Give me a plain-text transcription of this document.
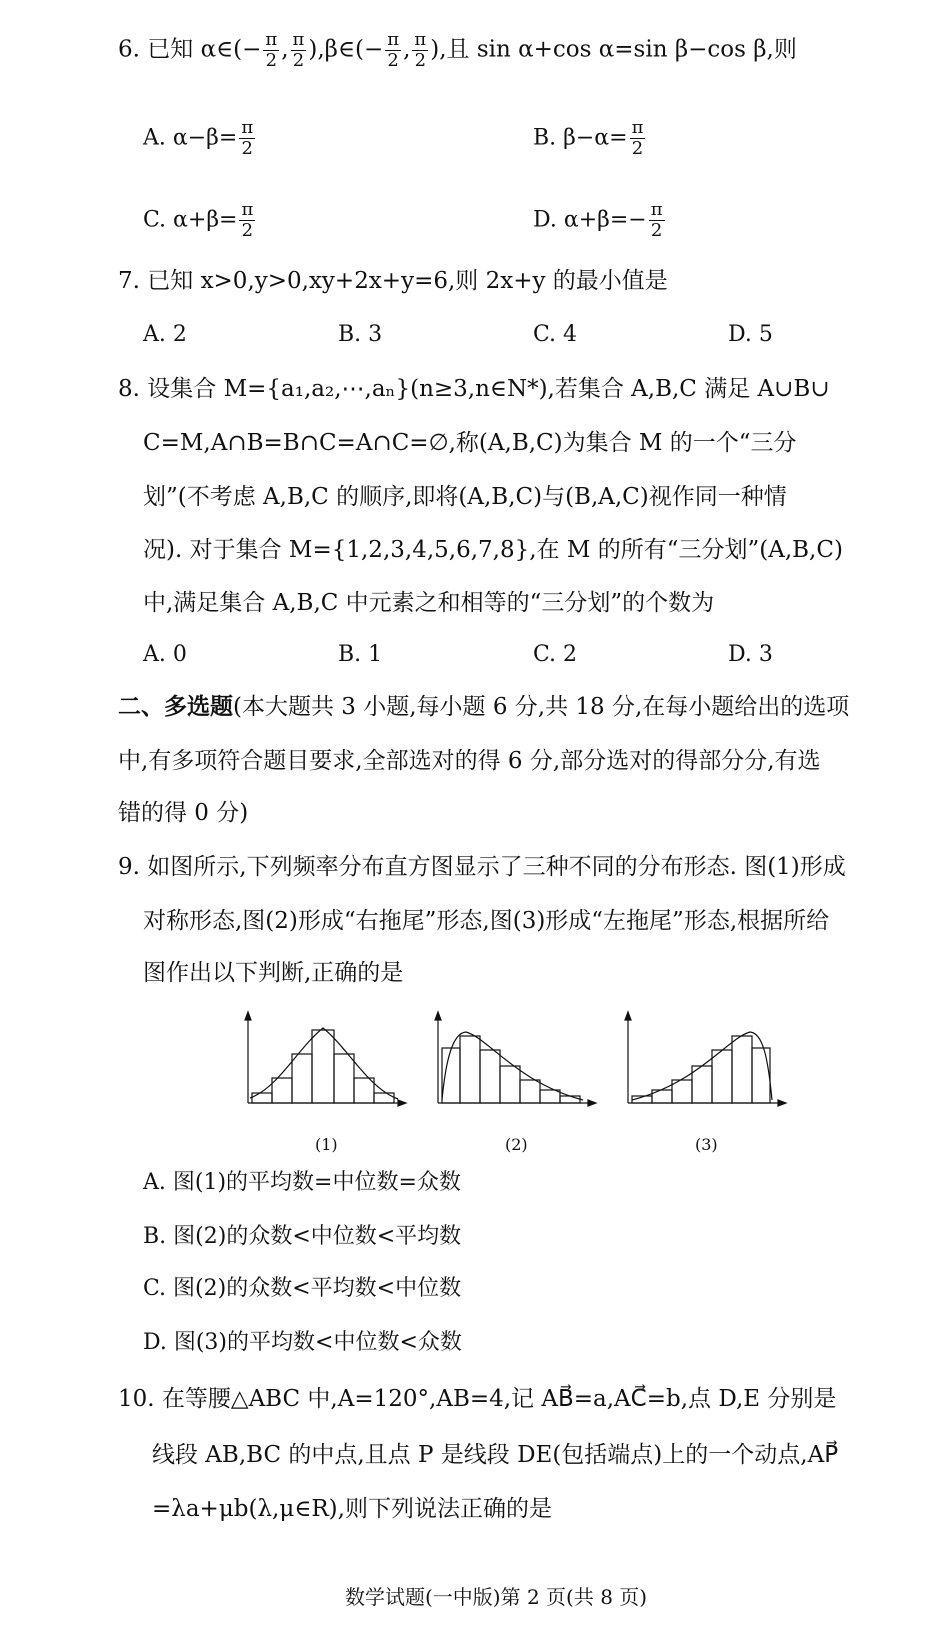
6. 已知 α∈(− $\frac{\pi}{2}$ , $\frac{\pi}{2}$ ),β∈(− $\frac{\pi}{2}$ , $\frac{\pi}{2}$ ),且 sin α+cos α=sin β−cos β,则
A. $\alpha-\beta= \frac{\pi}{2}$	B. $\beta-\alpha= \frac{\pi}{2}$
C. $\alpha+\beta= \frac{\pi}{2}$	D. $\alpha+\beta=- \frac{\pi}{2}$
7. 已知 x>0,y>0,xy+2x+y=6,则 2x+y 的最小值是
A. 2	B. 3	C. 4	D. 5
8. 设集合 M={a₁,a₂,⋯,aₙ}(n≥3,n∈N*),若集合 A,B,C 满足 A∪B∪
C=M,A∩B=B∩C=A∩C=∅,称(A,B,C)为集合 M 的一个“三分
划”(不考虑 A,B,C 的顺序,即将(A,B,C)与(B,A,C)视作同一种情
况). 对于集合 M={1,2,3,4,5,6,7,8},在 M 的所有“三分划”(A,B,C)
中,满足集合 A,B,C 中元素之和相等的“三分划”的个数为
A. 0	B. 1	C. 2	D. 3
二、多选题(本大题共 3 小题,每小题 6 分,共 18 分,在每小题给出的选项
中,有多项符合题目要求,全部选对的得 6 分,部分选对的得部分分,有选
错的得 0 分)
9. 如图所示,下列频率分布直方图显示了三种不同的分布形态. 图(1)形成
对称形态,图(2)形成“右拖尾”形态,图(3)形成“左拖尾”形态,根据所给
图作出以下判断,正确的是
(1)	(2)	(3)
A. 图(1)的平均数=中位数=众数
B. 图(2)的众数<中位数<平均数
C. 图(2)的众数<平均数<中位数
D. 图(3)的平均数<中位数<众数
10. 在等腰△ABC 中,A=120°,AB=4,记 AB⃗=a,AC⃗=b,点 D,E 分别是
线段 AB,BC 的中点,且点 P 是线段 DE(包括端点)上的一个动点,AP⃗
=λa+μb(λ,μ∈R),则下列说法正确的是
数学试题(一中版)第 2 页(共 8 页)
